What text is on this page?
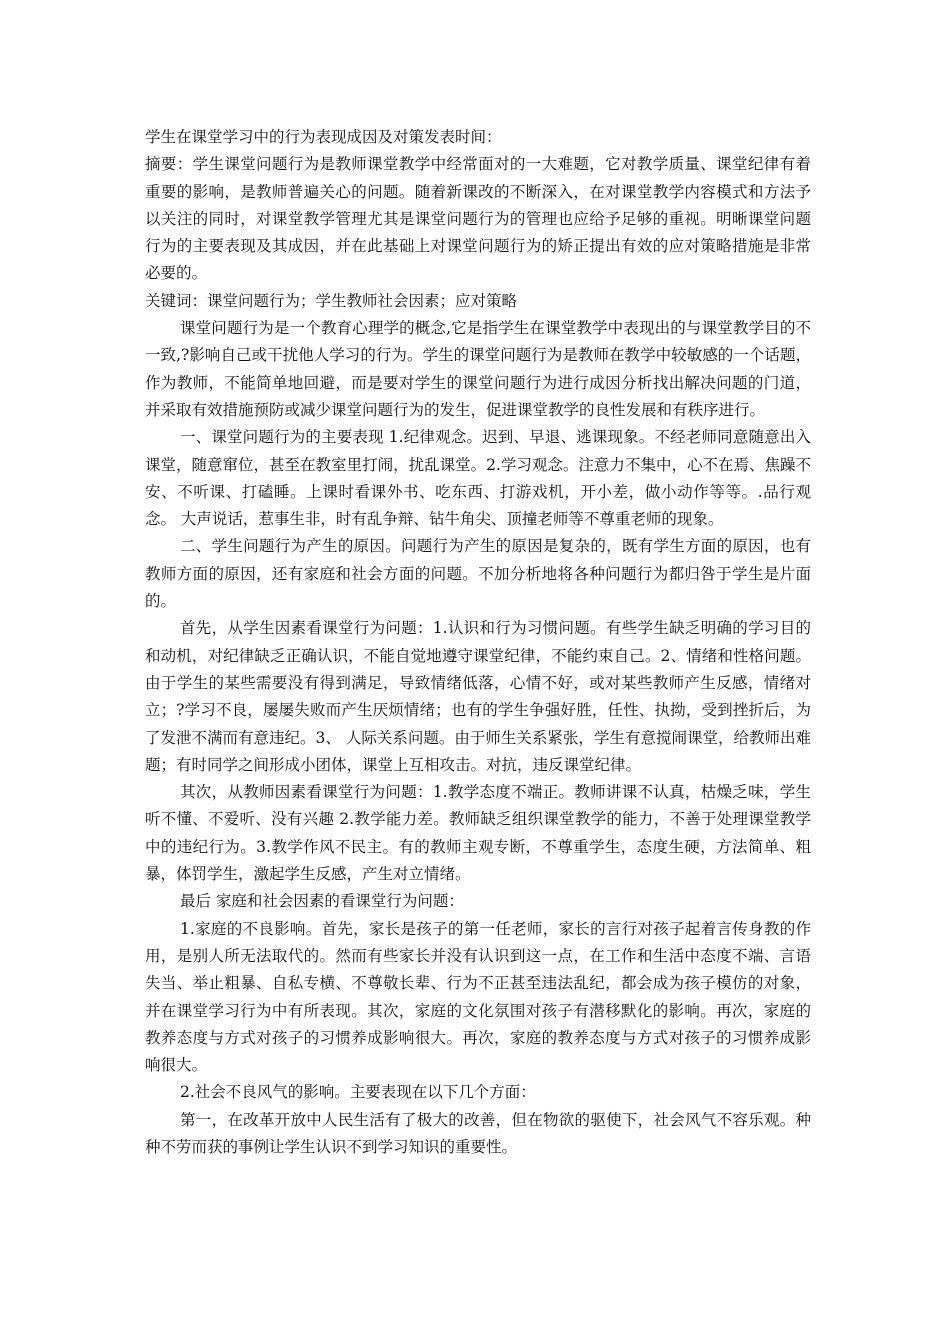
学生在课堂学习中的行为表现成因及对策发表时间：

摘要：学生课堂问题行为是教师课堂教学中经常面对的一大难题，它对教学质量、课堂纪律有着重要的影响，是教师普遍关心的问题。随着新课改的不断深入，在对课堂教学内容模式和方法予以关注的同时，对课堂教学管理尤其是课堂问题行为的管理也应给予足够的重视。明晰课堂问题行为的主要表现及其成因，并在此基础上对课堂问题行为的矫正提出有效的应对策略措施是非常必要的。

关键词：课堂问题行为；学生教师社会因素；应对策略

课堂问题行为是一个教育心理学的概念,它是指学生在课堂教学中表现出的与课堂教学目的不一致,?影响自己或干扰他人学习的行为。学生的课堂问题行为是教师在教学中较敏感的一个话题，作为教师，不能简单地回避，而是要对学生的课堂问题行为进行成因分析找出解决问题的门道，并采取有效措施预防或减少课堂问题行为的发生，促进课堂教学的良性发展和有秩序进行。

一、课堂问题行为的主要表现 1.纪律观念。迟到、早退、逃课现象。不经老师同意随意出入课堂，随意窜位，甚至在教室里打闹，扰乱课堂。2.学习观念。注意力不集中，心不在焉、焦躁不安、不听课、打磕睡。上课时看课外书、吃东西、打游戏机，开小差，做小动作等等。.品行观念。 大声说话，惹事生非，时有乱争辩、钻牛角尖、顶撞老师等不尊重老师的现象。

二、学生问题行为产生的原因。问题行为产生的原因是复杂的，既有学生方面的原因，也有教师方面的原因，还有家庭和社会方面的问题。不加分析地将各种问题行为都归咎于学生是片面的。

首先，从学生因素看课堂行为问题：1.认识和行为习惯问题。有些学生缺乏明确的学习目的和动机，对纪律缺乏正确认识，不能自觉地遵守课堂纪律，不能约束自己。2、情绪和性格问题。由于学生的某些需要没有得到满足，导致情绪低落，心情不好，或对某些教师产生反感，情绪对立；?学习不良，屡屡失败而产生厌烦情绪；也有的学生争强好胜，任性、执拗，受到挫折后，为了发泄不满而有意违纪。3、 人际关系问题。由于师生关系紧张，学生有意搅闹课堂，给教师出难题；有时同学之间形成小团体，课堂上互相攻击。对抗，违反课堂纪律。

其次，从教师因素看课堂行为问题：1.教学态度不端正。教师讲课不认真，枯燥乏味，学生听不懂、不爱听、没有兴趣 2.教学能力差。教师缺乏组织课堂教学的能力，不善于处理课堂教学中的违纪行为。3.教学作风不民主。有的教师主观专断，不尊重学生，态度生硬，方法简单、粗暴，体罚学生，激起学生反感，产生对立情绪。

最后 家庭和社会因素的看课堂行为问题：

1.家庭的不良影响。首先，家长是孩子的第一任老师，家长的言行对孩子起着言传身教的作用，是别人所无法取代的。然而有些家长并没有认识到这一点，在工作和生活中态度不端、言语失当、举止粗暴、自私专横、不尊敬长辈、行为不正甚至违法乱纪，都会成为孩子模仿的对象，并在课堂学习行为中有所表现。其次，家庭的文化氛围对孩子有潜移默化的影响。再次，家庭的教养态度与方式对孩子的习惯养成影响很大。再次，家庭的教养态度与方式对孩子的习惯养成影响很大。

2.社会不良风气的影响。主要表现在以下几个方面：

第一，在改革开放中人民生活有了极大的改善，但在物欲的驱使下，社会风气不容乐观。种种不劳而获的事例让学生认识不到学习知识的重要性。
